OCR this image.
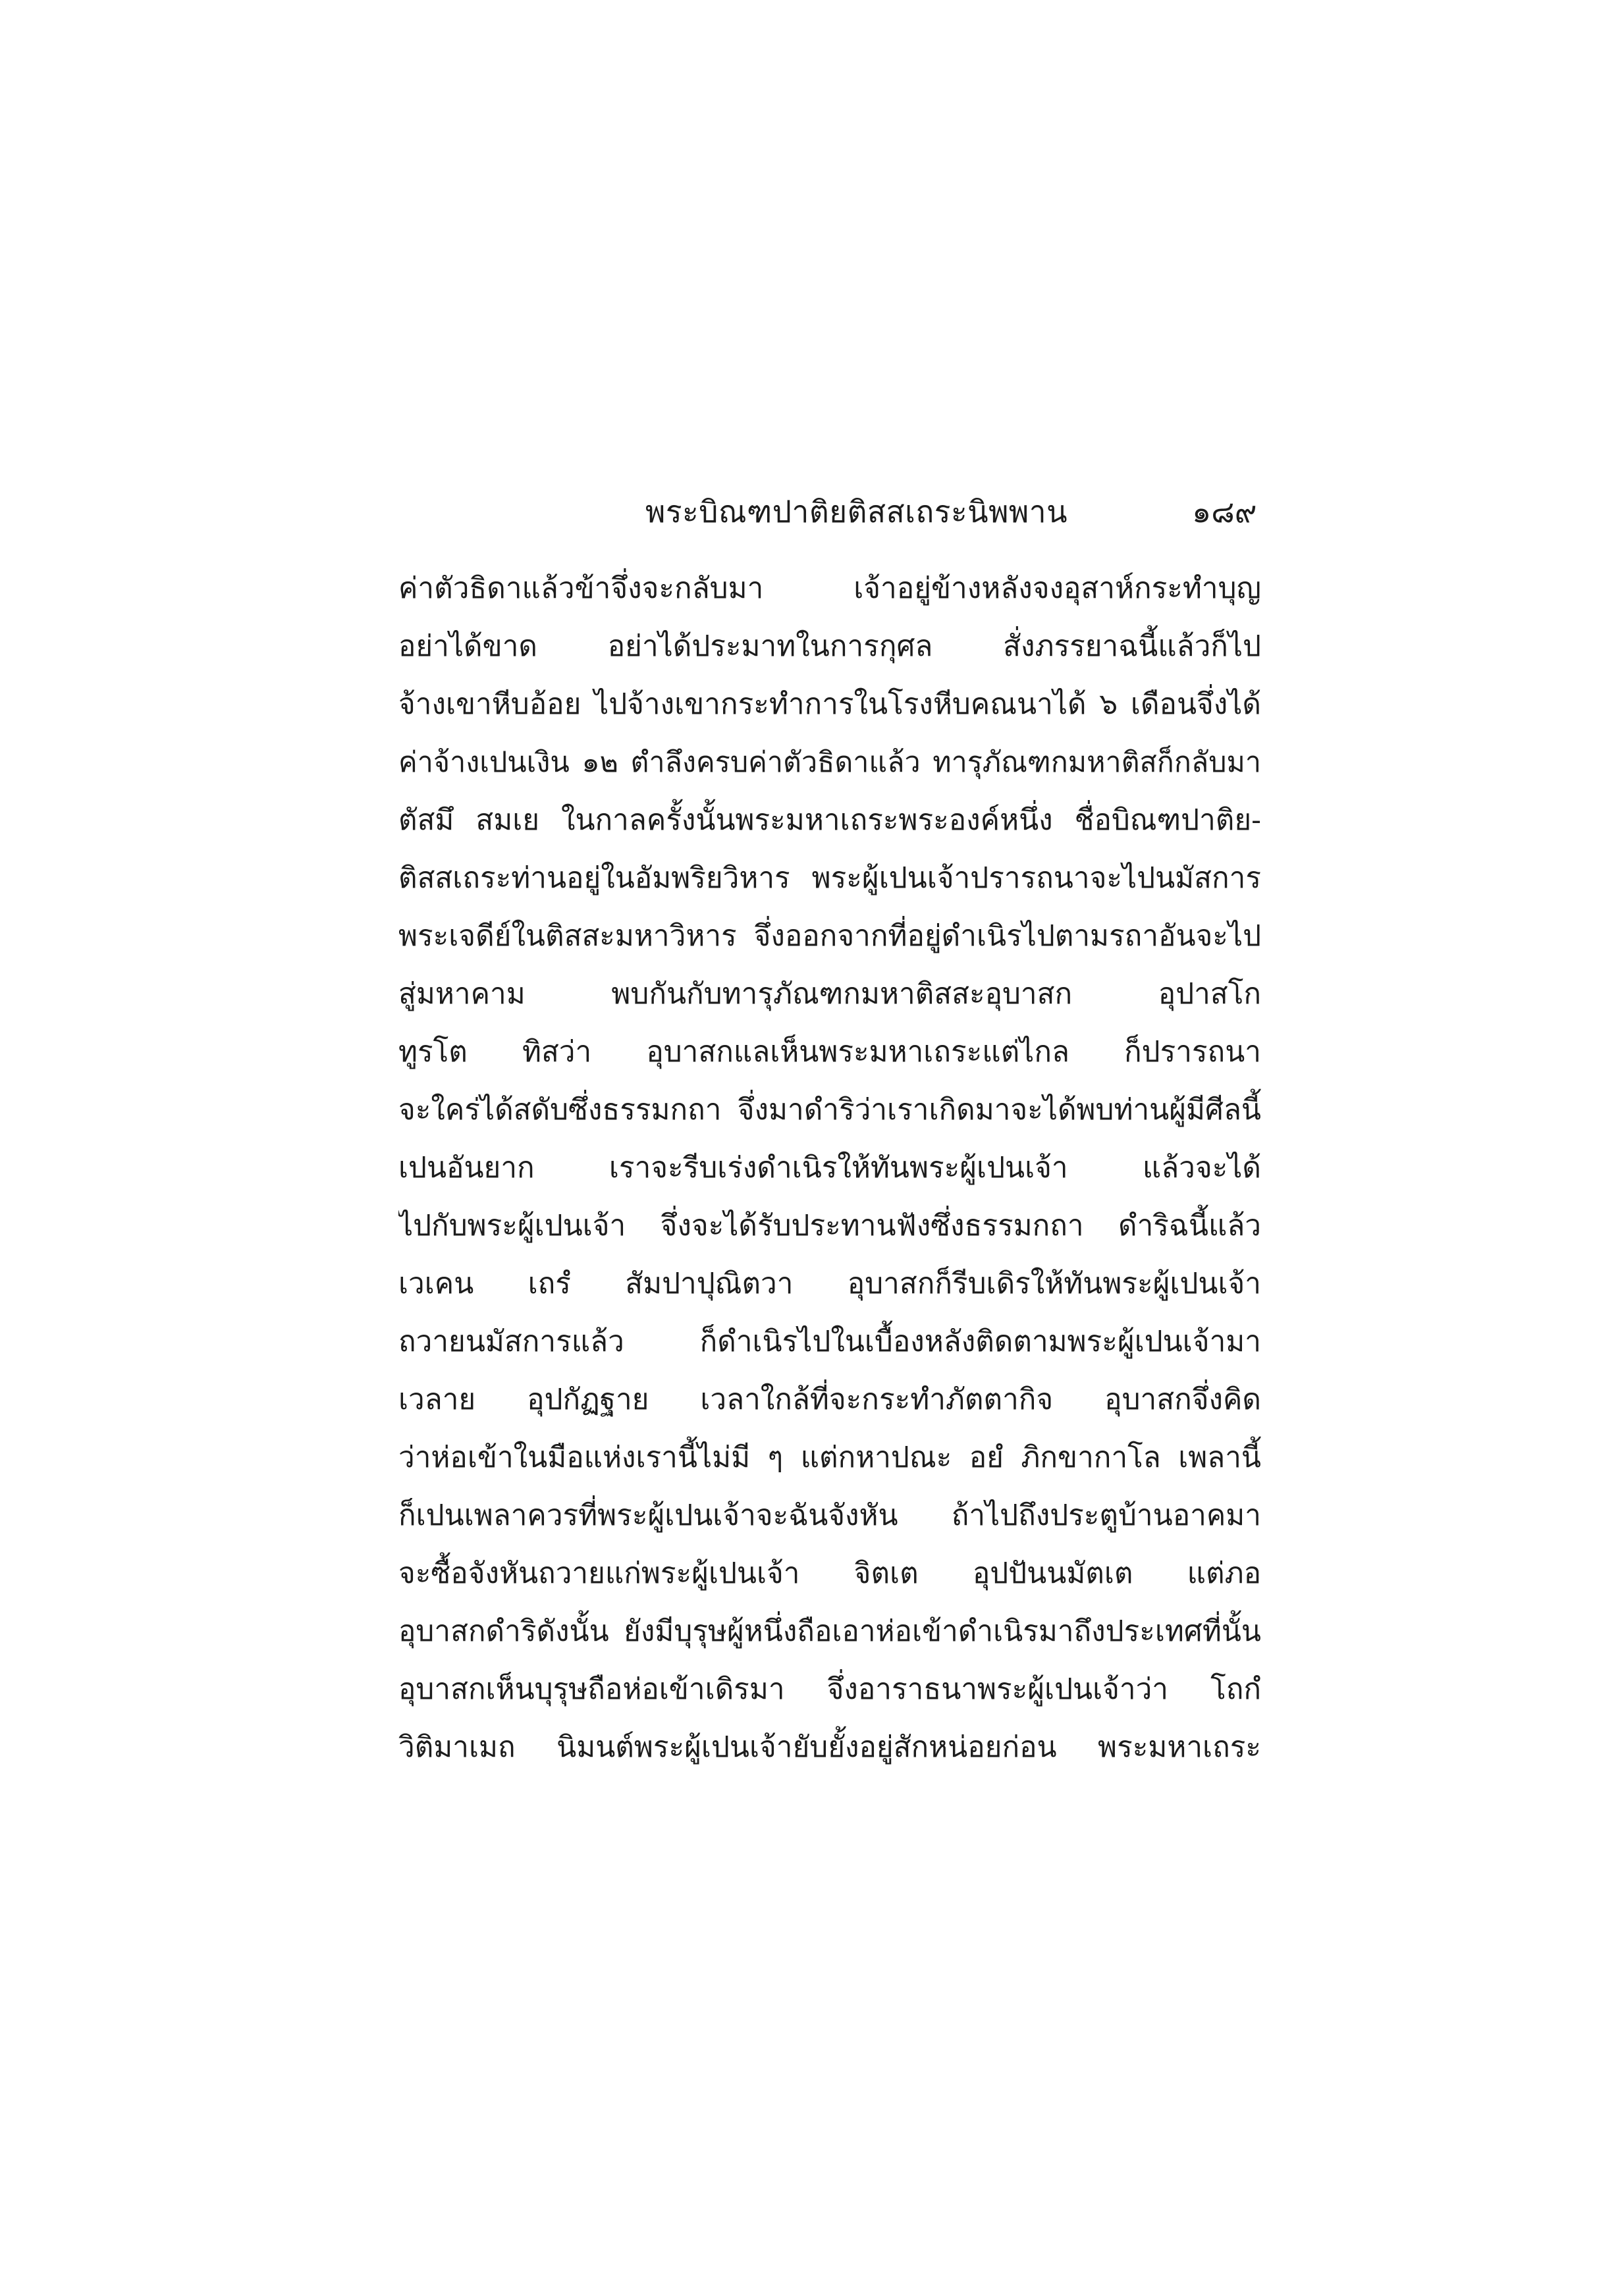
พระบิณฑปาติยติสสเถระนิพพาน	๑๘๙
ค่าตัวธิดาแล้วข้าจึ่งจะกลับมา เจ้าอยู่ข้างหลังจงอุสาห์กระทำบุญ
อย่าได้ขาด อย่าได้ประมาทในการกุศล สั่งภรรยาฉนี้แล้วก็ไป
จ้างเขาหีบอ้อย ไปจ้างเขากระทำการในโรงหีบคณนาได้ ๖ เดือนจึ่งได้
ค่าจ้างเปนเงิน ๑๒ ตำลึงครบค่าตัวธิดาแล้ว ทารุภัณฑกมหาติสก็กลับมา
ตัสมึ สมเย ในกาลครั้งนั้นพระมหาเถระพระองค์หนึ่ง ชื่อบิณฑปาติย-
ติสสเถระท่านอยู่ในอัมพริยวิหาร พระผู้เปนเจ้าปรารถนาจะไปนมัสการ
พระเจดีย์ในติสสะมหาวิหาร จึ่งออกจากที่อยู่ดำเนิรไปตามรถาอันจะไป
สู่มหาคาม พบกันกับทารุภัณฑกมหาติสสะอุบาสก อุปาสโก
ทูรโต ทิสว่า อุบาสกแลเห็นพระมหาเถระแต่ไกล ก็ปรารถนา
จะใคร่ได้สดับซึ่งธรรมกถา จึ่งมาดำริว่าเราเกิดมาจะได้พบท่านผู้มีศีลนี้
เปนอันยาก เราจะรีบเร่งดำเนิรให้ทันพระผู้เปนเจ้า แล้วจะได้
ไปกับพระผู้เปนเจ้า จึ่งจะได้รับประทานฟังซึ่งธรรมกถา ดำริฉนี้แล้ว
เวเคน เถรํ สัมปาปุณิตวา อุบาสกก็รีบเดิรให้ทันพระผู้เปนเจ้า
ถวายนมัสการแล้ว ก็ดำเนิรไปในเบื้องหลังติดตามพระผู้เปนเจ้ามา
เวลาย อุปกัฏฐาย เวลาใกล้ที่จะกระทำภัตตากิจ อุบาสกจึ่งคิด
ว่าห่อเข้าในมือแห่งเรานี้ไม่มี ๆ แต่กหาปณะ อยํ ภิกขากาโล เพลานี้
ก็เปนเพลาควรที่พระผู้เปนเจ้าจะฉันจังหัน ถ้าไปถึงประตูบ้านอาคมา
จะซื้อจังหันถวายแก่พระผู้เปนเจ้า จิตเต อุปปันนมัตเต แต่ภอ
อุบาสกดำริดังนั้น ยังมีบุรุษผู้หนึ่งถือเอาห่อเข้าดำเนิรมาถึงประเทศที่นั้น
อุบาสกเห็นบุรุษถือห่อเข้าเดิรมา จึ่งอาราธนาพระผู้เปนเจ้าว่า โถกํ
วิติมาเมถ นิมนต์พระผู้เปนเจ้ายับยั้งอยู่สักหน่อยก่อน พระมหาเถระ
